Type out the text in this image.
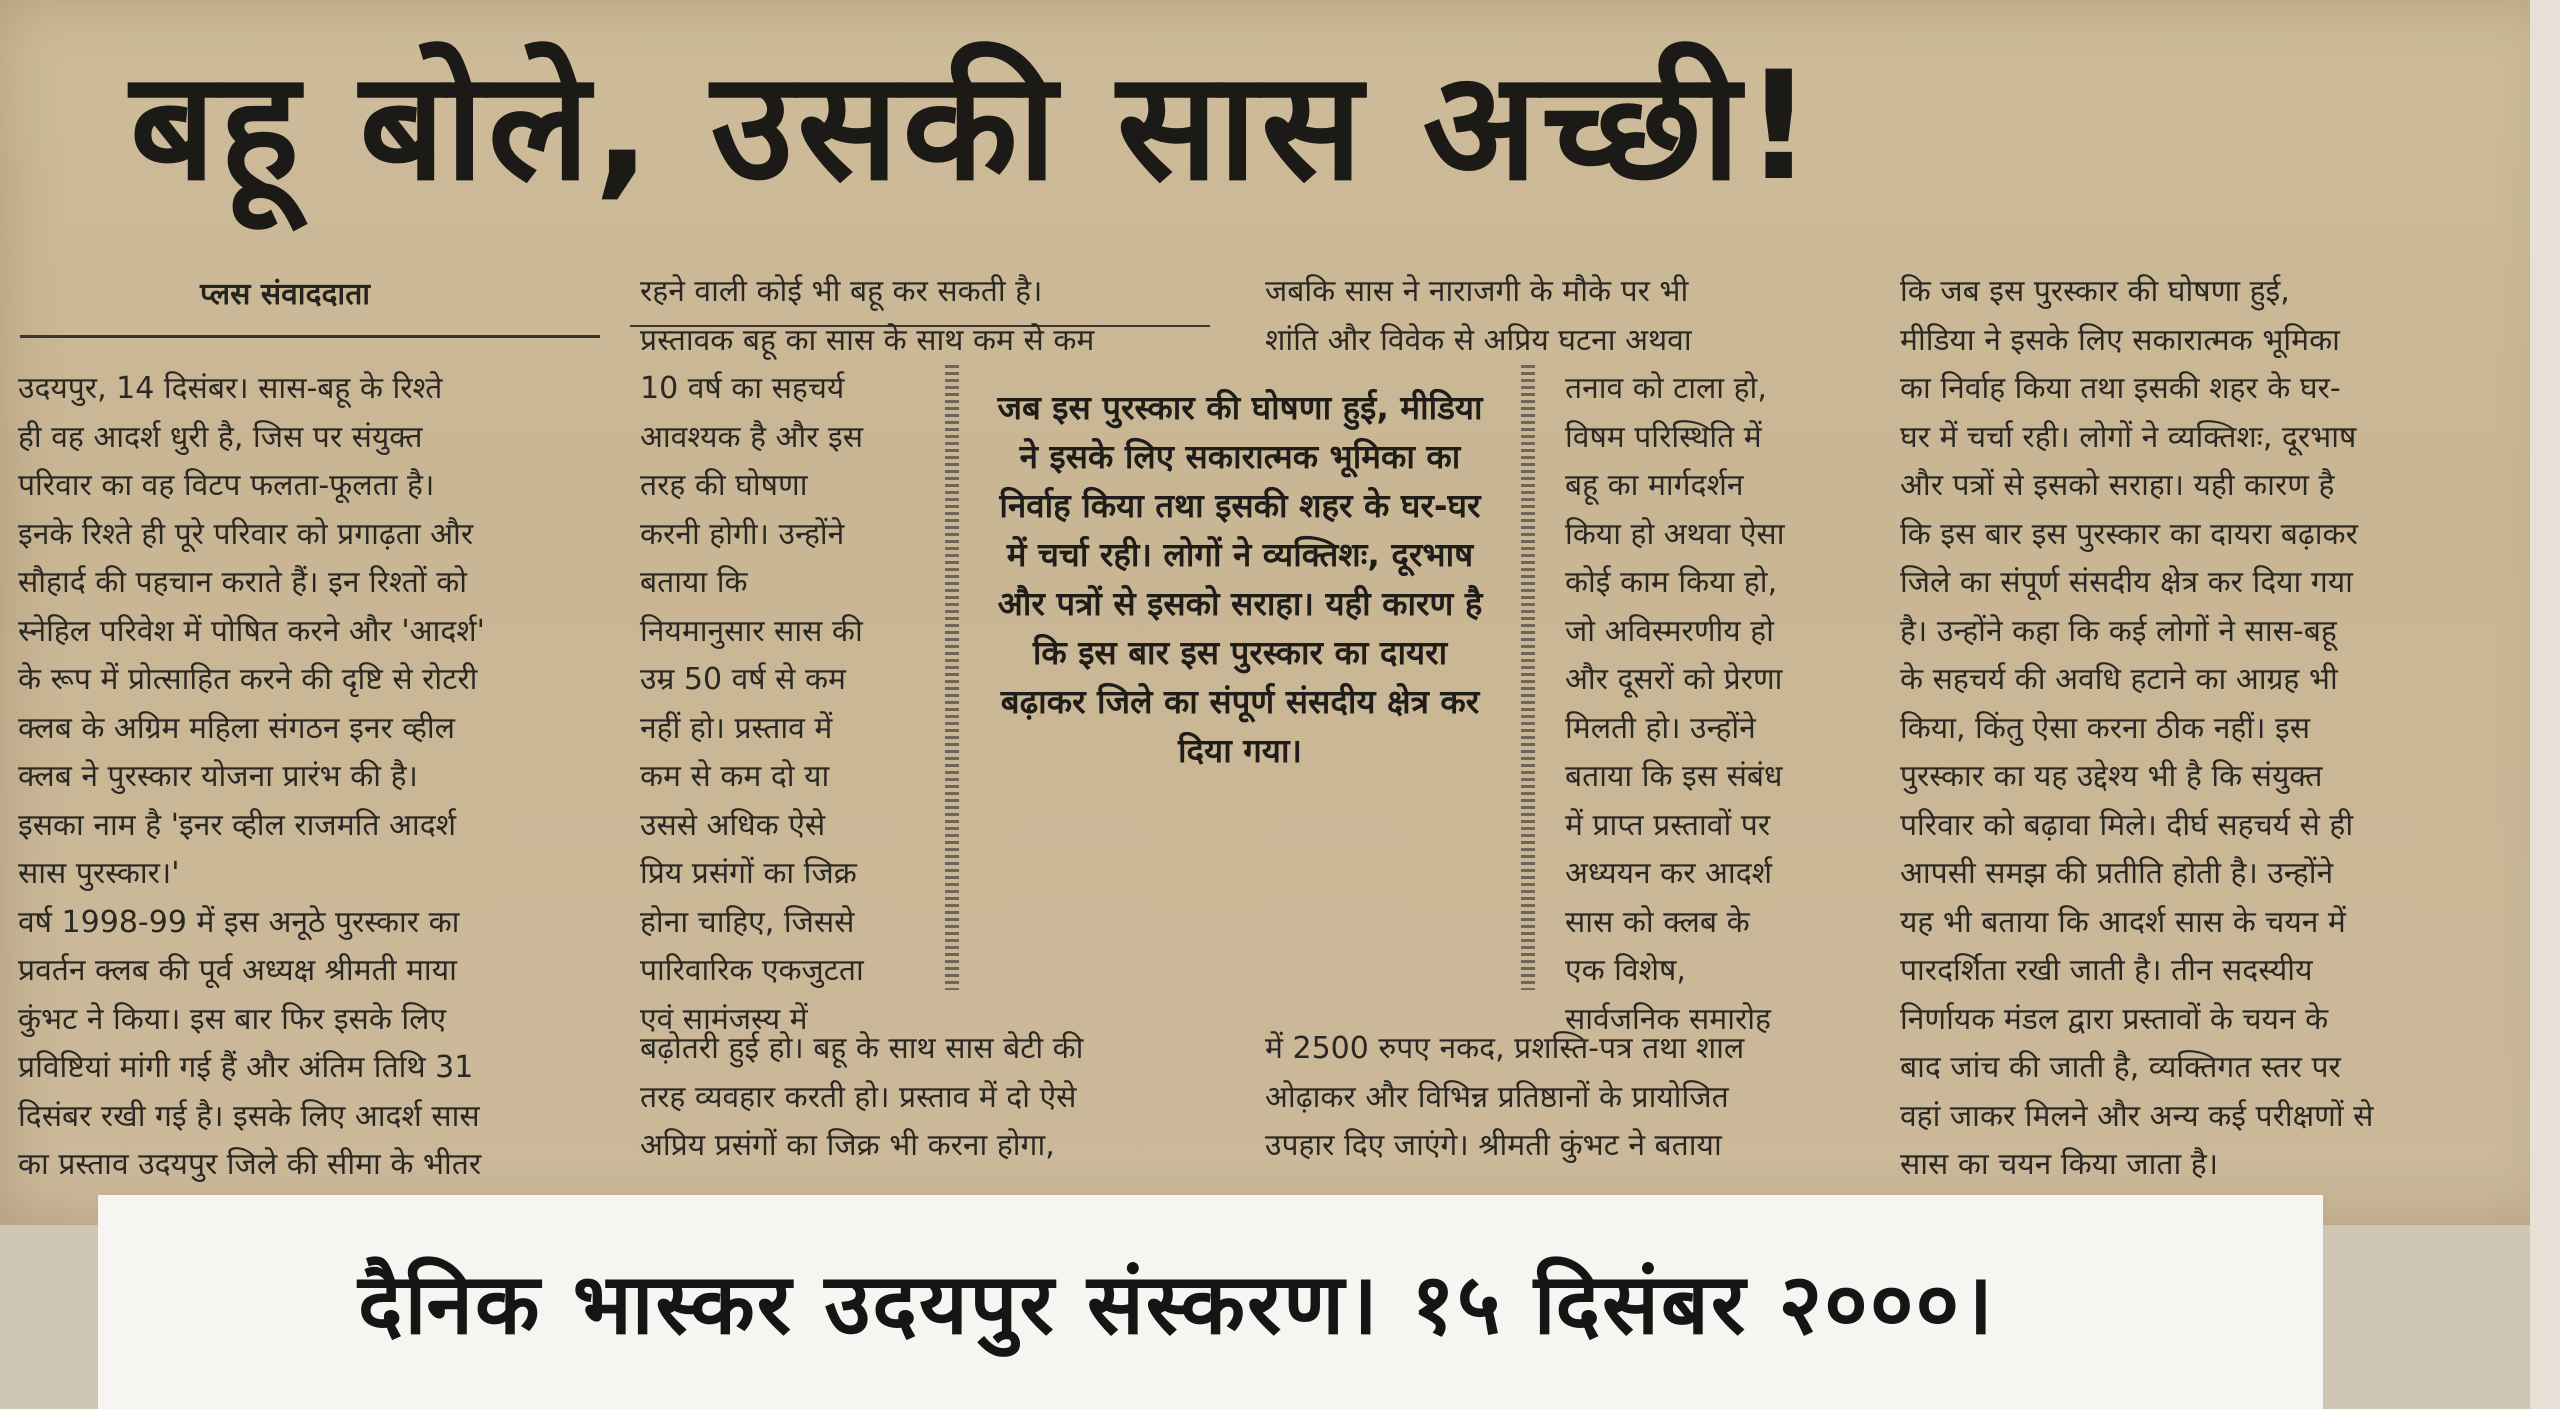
बहू बोले, उसकी सास अच्छी!
प्लस संवाददाता

उदयपुर, 14 दिसंबर। सास-बहू के रिश्ते

ही वह आदर्श धुरी है, जिस पर संयुक्त

परिवार का वह विटप फलता-फूलता है।

इनके रिश्ते ही पूरे परिवार को प्रगाढ़ता और

सौहार्द की पहचान कराते हैं। इन रिश्तों को

स्नेहिल परिवेश में पोषित करने और 'आदर्श'

के रूप में प्रोत्साहित करने की दृष्टि से रोटरी

क्लब के अग्रिम महिला संगठन इनर व्हील

क्लब ने पुरस्कार योजना प्रारंभ की है।

इसका नाम है 'इनर व्हील राजमति आदर्श

सास पुरस्कार।'

वर्ष 1998-99 में इस अनूठे पुरस्कार का

प्रवर्तन क्लब की पूर्व अध्यक्ष श्रीमती माया

कुंभट ने किया। इस बार फिर इसके लिए

प्रविष्टियां मांगी गई हैं और अंतिम तिथि 31

दिसंबर रखी गई है। इसके लिए आदर्श सास

का प्रस्ताव उदयपुर जिले की सीमा के भीतर

रहने वाली कोई भी बहू कर सकती है।

प्रस्तावक बहू का सास के साथ कम से कम

10 वर्ष का सहचर्य

आवश्यक है और इस

तरह की घोषणा

करनी होगी। उन्होंने

बताया कि

नियमानुसार सास की

उम्र 50 वर्ष से कम

नहीं हो। प्रस्ताव में

कम से कम दो या

उससे अधिक ऐसे

प्रिय प्रसंगों का जिक्र

होना चाहिए, जिससे

पारिवारिक एकजुटता

एवं सामंजस्य में

बढ़ोतरी हुई हो। बहू के साथ सास बेटी की

तरह व्यवहार करती हो। प्रस्ताव में दो ऐसे

अप्रिय प्रसंगों का जिक्र भी करना होगा,

जबकि सास ने नाराजगी के मौके पर भी

शांति और विवेक से अप्रिय घटना अथवा

तनाव को टाला हो,

विषम परिस्थिति में

बहू का मार्गदर्शन

किया हो अथवा ऐसा

कोई काम किया हो,

जो अविस्मरणीय हो

और दूसरों को प्रेरणा

मिलती हो। उन्होंने

बताया कि इस संबंध

में प्राप्त प्रस्तावों पर

अध्ययन कर आदर्श

सास को क्लब के

एक विशेष,

सार्वजनिक समारोह

में 2500 रुपए नकद, प्रशस्ति-पत्र तथा शाल

ओढ़ाकर और विभिन्न प्रतिष्ठानों के प्रायोजित

उपहार दिए जाएंगे। श्रीमती कुंभट ने बताया

कि जब इस पुरस्कार की घोषणा हुई,

मीडिया ने इसके लिए सकारात्मक भूमिका

का निर्वाह किया तथा इसकी शहर के घर-

घर में चर्चा रही। लोगों ने व्यक्तिशः, दूरभाष

और पत्रों से इसको सराहा। यही कारण है

कि इस बार इस पुरस्कार का दायरा बढ़ाकर

जिले का संपूर्ण संसदीय क्षेत्र कर दिया गया

है। उन्होंने कहा कि कई लोगों ने सास-बहू

के सहचर्य की अवधि हटाने का आग्रह भी

किया, किंतु ऐसा करना ठीक नहीं। इस

पुरस्कार का यह उद्देश्य भी है कि संयुक्त

परिवार को बढ़ावा मिले। दीर्घ सहचर्य से ही

आपसी समझ की प्रतीति होती है। उन्होंने

यह भी बताया कि आदर्श सास के चयन में

पारदर्शिता रखी जाती है। तीन सदस्यीय

निर्णायक मंडल द्वारा प्रस्तावों के चयन के

बाद जांच की जाती है, व्यक्तिगत स्तर पर

वहां जाकर मिलने और अन्य कई परीक्षणों से

सास का चयन किया जाता है।

जब इस पुरस्कार की घोषणा हुई, मीडिया ने इसके लिए सकारात्मक भूमिका का निर्वाह किया तथा इसकी शहर के घर-घर में चर्चा रही। लोगों ने व्यक्तिशः, दूरभाष और पत्रों से इसको सराहा। यही कारण है कि इस बार इस पुरस्कार का दायरा बढ़ाकर जिले का संपूर्ण संसदीय क्षेत्र कर दिया गया।
दैनिक भास्कर उदयपुर संस्करण। १५ दिसंबर २०००।
